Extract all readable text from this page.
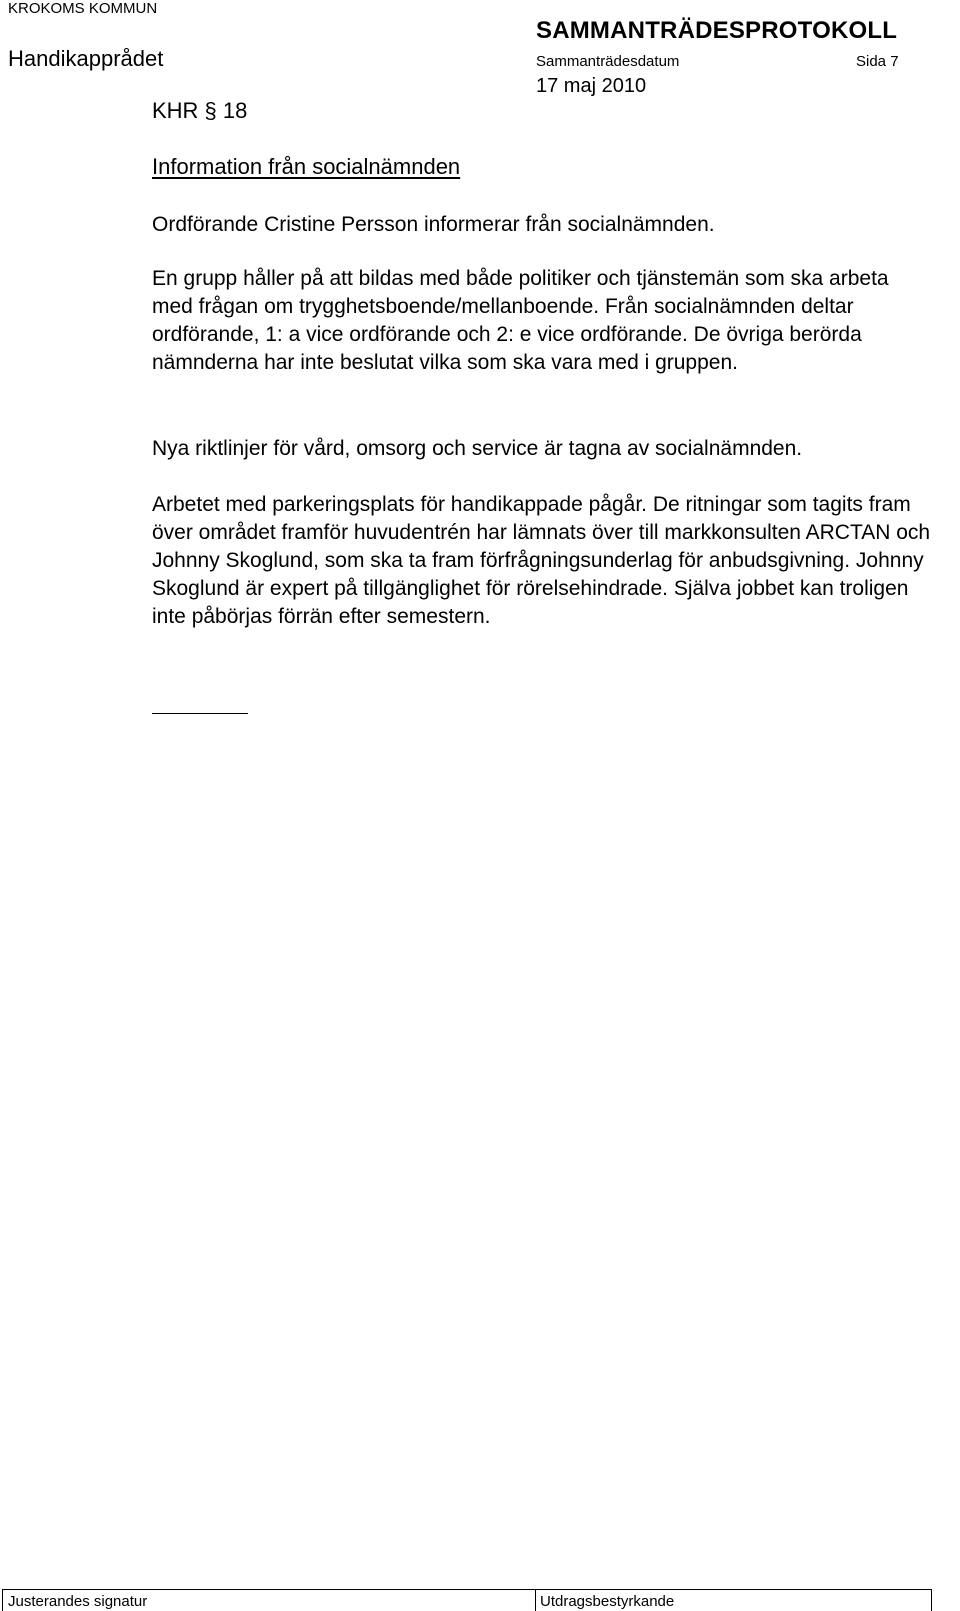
KROKOMS KOMMUN
Handikapprådet
SAMMANTRÄDESPROTOKOLL
Sammanträdesdatum	Sida 7
17 maj 2010
KHR § 18
Information från socialnämnden

Ordförande Cristine Persson informerar från socialnämnden.

En grupp håller på att bildas med både politiker och tjänstemän som ska arbeta med frågan om trygghetsboende/mellanboende. Från socialnämnden deltar ordförande, 1: a vice ordförande och 2: e vice ordförande. De övriga berörda nämnderna har inte beslutat vilka som ska vara med i gruppen.

Nya riktlinjer för vård, omsorg och service är tagna av socialnämnden.

Arbetet med parkeringsplats för handikappade pågår. De ritningar som tagits fram över området framför huvudentrén har lämnats över till markkonsulten ARCTAN och Johnny Skoglund, som ska ta fram förfrågningsunderlag för anbudsgivning. Johnny Skoglund är expert på tillgänglighet för rörelsehindrade. Själva jobbet kan troligen inte påbörjas förrän efter semestern.

Justerandes signatur	Utdragsbestyrkande
